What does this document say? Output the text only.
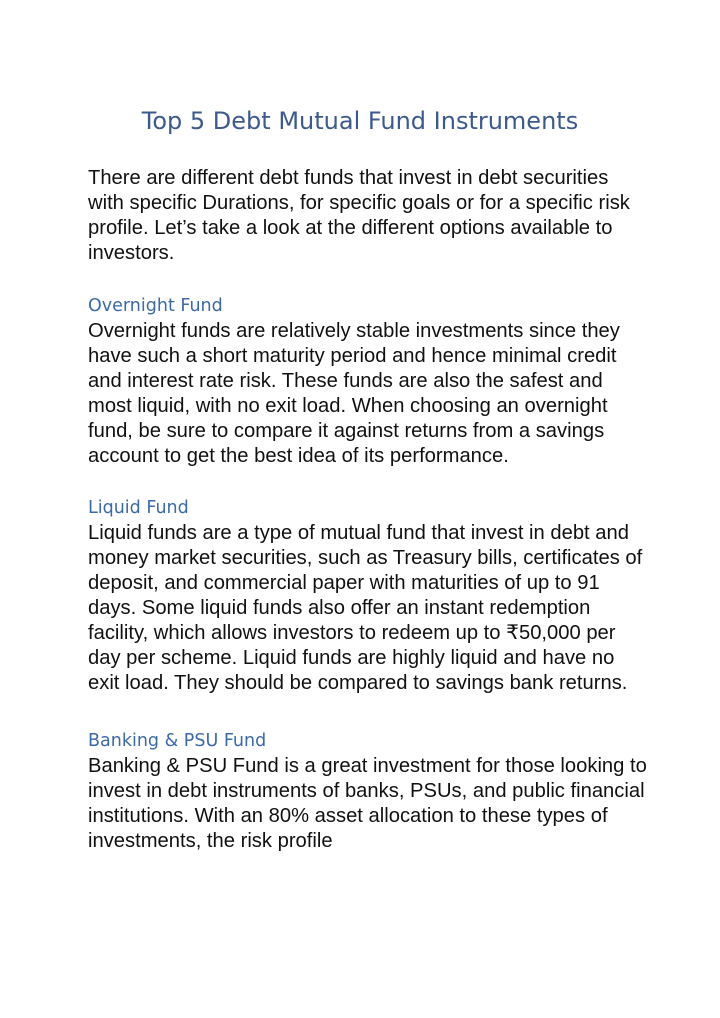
Top 5 Debt Mutual Fund Instruments

There are different debt funds that invest in debt securities with specific Durations, for specific goals or for a specific risk profile. Let’s take a look at the different options available to investors.

Overnight Fund

Overnight funds are relatively stable investments since they have such a short maturity period and hence minimal credit and interest rate risk. These funds are also the safest and most liquid, with no exit load. When choosing an overnight fund, be sure to compare it against returns from a savings account to get the best idea of its performance.

Liquid Fund

Liquid funds are a type of mutual fund that invest in debt and money market securities, such as Treasury bills, certificates of deposit, and commercial paper with maturities of up to 91 days. Some liquid funds also offer an instant redemption facility, which allows investors to redeem up to ₹50,000 per day per scheme. Liquid funds are highly liquid and have no exit load. They should be compared to savings bank returns.

Banking & PSU Fund

Banking & PSU Fund is a great investment for those looking to invest in debt instruments of banks, PSUs, and public financial institutions. With an 80% asset allocation to these types of investments, the risk profile
